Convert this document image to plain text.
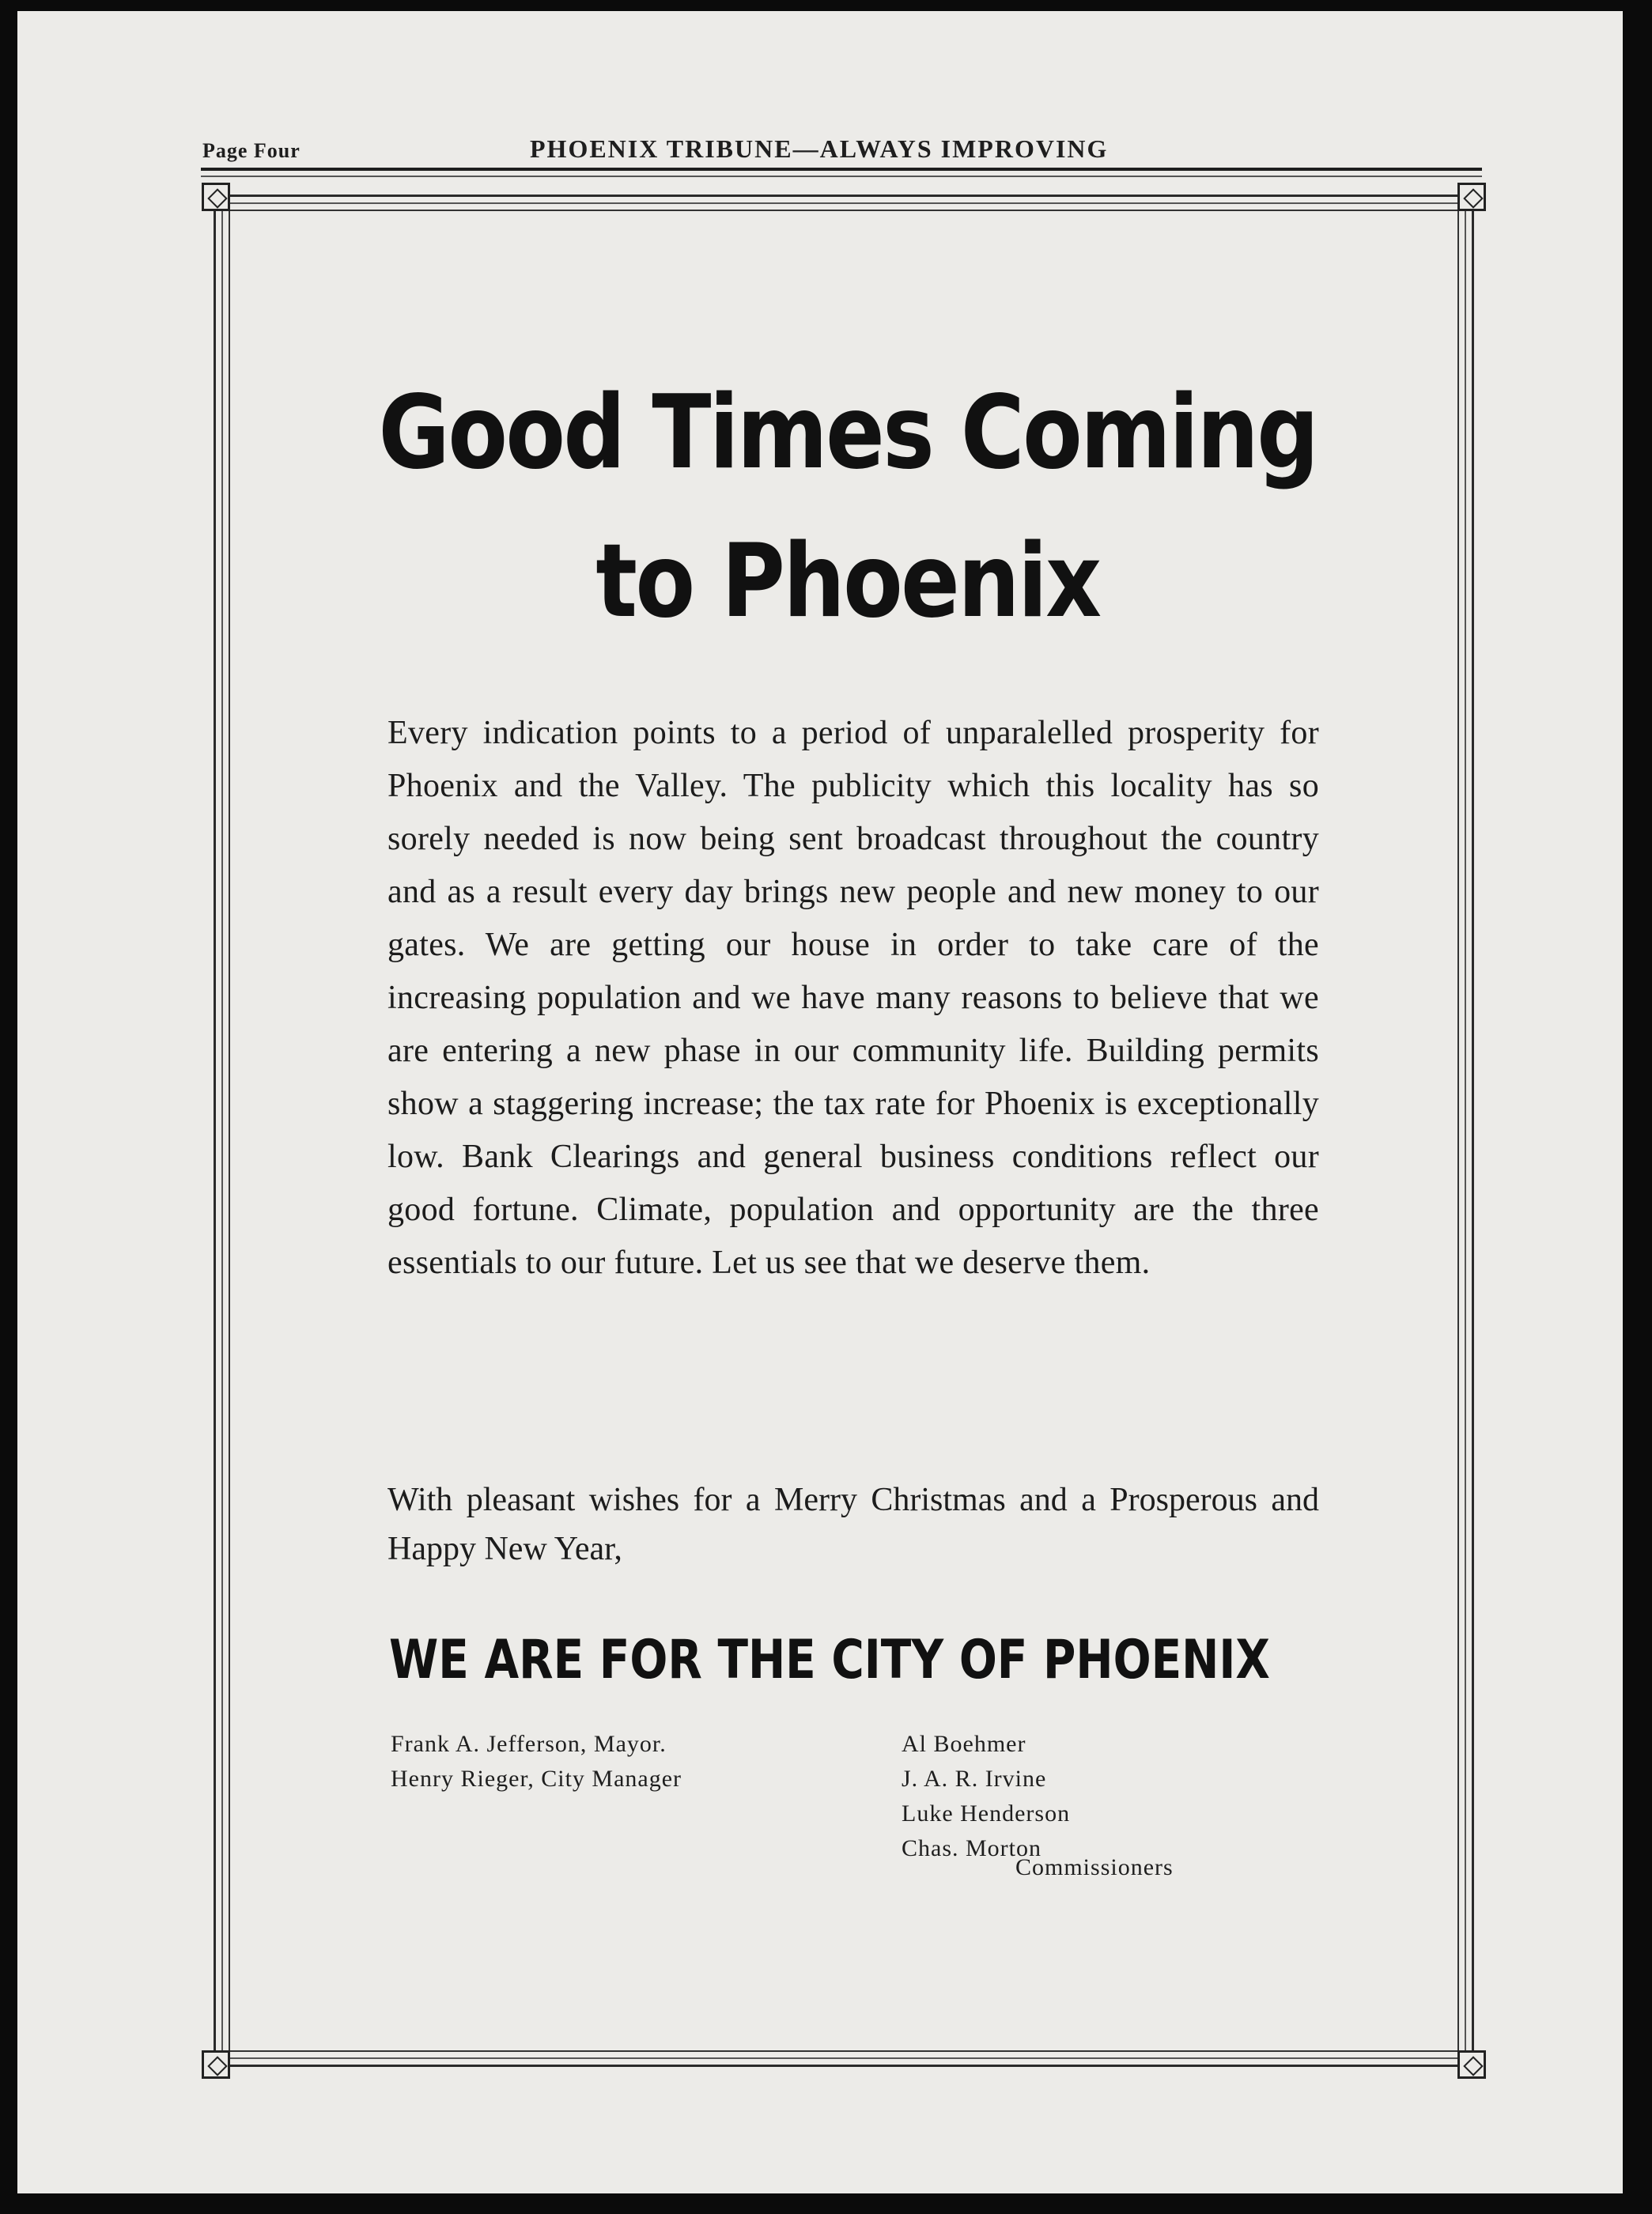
Page Four	PHOENIX TRIBUNE—ALWAYS IMPROVING
Good Times Coming
to Phoenix
Every indication points to a period of unparalelled prosperity for Phoenix and the Valley. The publicity which this locality has so sorely needed is now being sent broadcast throughout the country and as a result every day brings new people and new money to our gates. We are getting our house in order to take care of the increasing population and we have many reasons to believe that we are entering a new phase in our community life. Building permits show a staggering increase; the tax rate for Phoenix is exceptionally low. Bank Clearings and general business conditions reflect our good fortune. Climate, population and opportunity are the three essentials to our future. Let us see that we deserve them.
With pleasant wishes for a Merry Christmas and a Prosperous and Happy New Year,
WE ARE FOR THE CITY OF PHOENIX
Frank A. Jefferson, Mayor.
Henry Rieger, City Manager
Al Boehmer
J. A. R. Irvine
Luke Henderson
Chas. Morton
Commissioners
